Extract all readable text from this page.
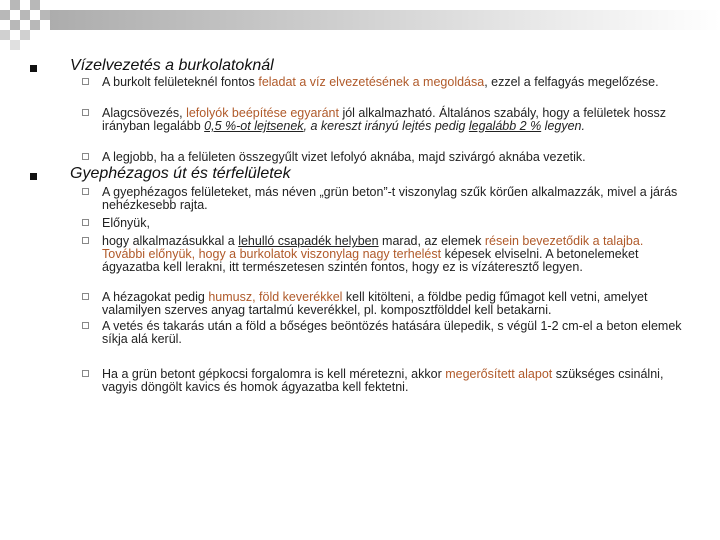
Vízelvezetés a burkolatoknál
A burkolt felületeknél fontos feladat a víz elvezetésének a megoldása, ezzel a felfagyás megelőzése.
Alagcsövezés, lefolyók beépítése egyaránt jól alkalmazható. Általános szabály, hogy a felületek hossz irányban legalább 0,5 %-ot lejtsenek, a kereszt irányú lejtés pedig legalább 2 % legyen.
A legjobb, ha a felületen összegyűlt vizet lefolyó aknába, majd szivárgó aknába vezetik.
Gyephézagos út és térfelületek
A gyephézagos felületeket, más néven „grün beton”-t viszonylag szűk körűen alkalmazzák, mivel a járás nehézkesebb rajta.
Előnyük,
hogy alkalmazásukkal a lehulló csapadék helyben marad, az elemek résein bevezetődik a talajba. További előnyük, hogy a burkolatok viszonylag nagy terhelést képesek elviselni. A betonelemeket ágyazatba kell lerakni, itt természetesen szintén fontos, hogy ez is vízáteresztő legyen.
A hézagokat pedig humusz, föld keverékkel kell kitölteni, a földbe pedig fűmagot kell vetni, amelyet valamilyen szerves anyag tartalmú keverékkel, pl. komposztfölddel kell betakarni.
A vetés és takarás után a föld a bőséges beöntözés hatására ülepedik, s végül 1-2 cm-el a beton elemek síkja alá kerül.
Ha a grün betont gépkocsi forgalomra is kell méretezni, akkor megerősített alapot szükséges csinálni, vagyis döngölt kavics és homok ágyazatba kell fektetni.
